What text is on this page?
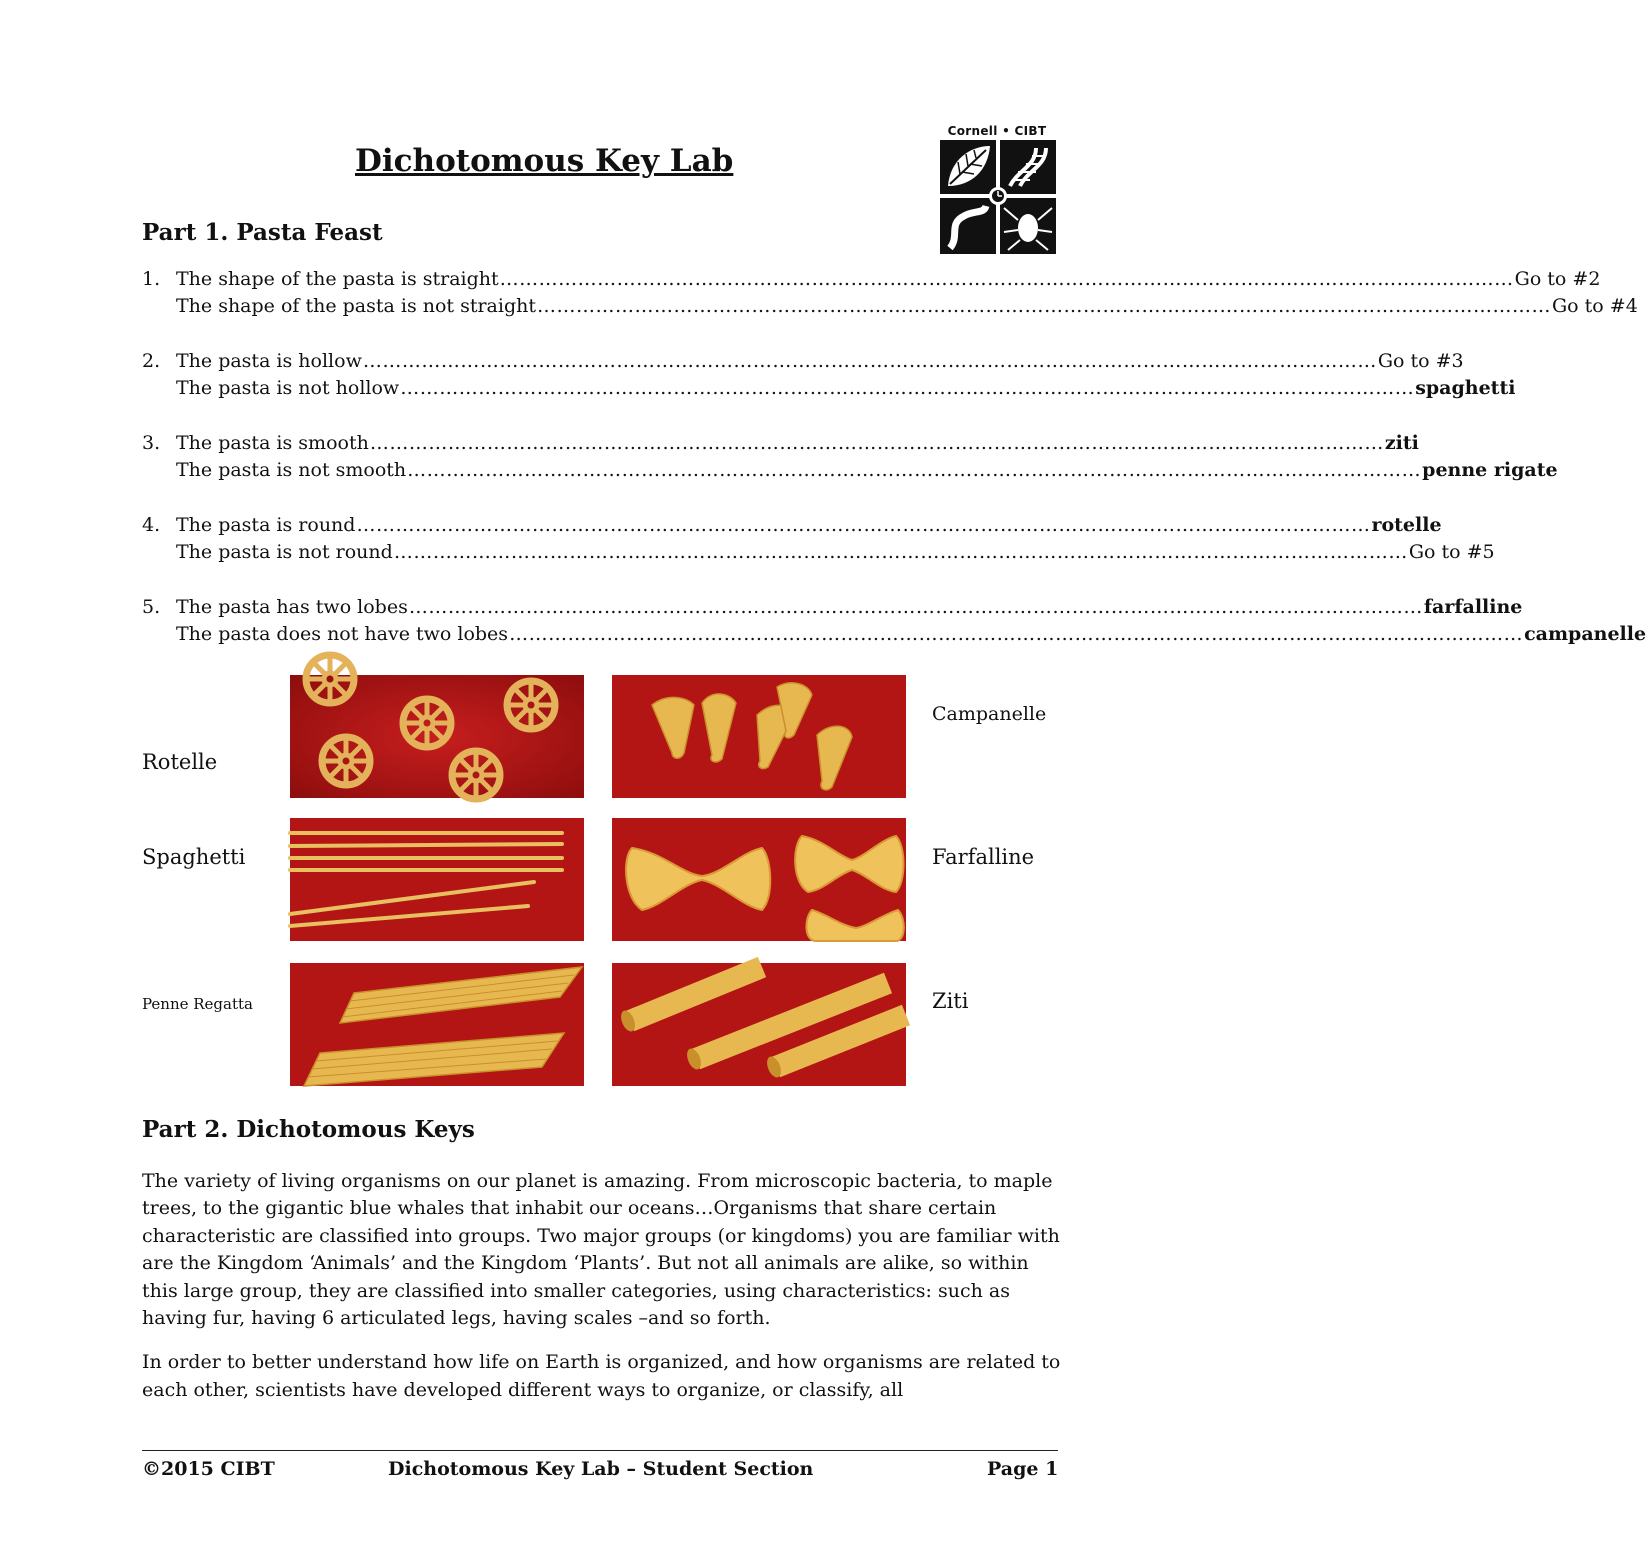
Dichotomous Key Lab
Cornell • CIBT
Part 1. Pasta Feast
1. The shape of the pasta is straight ………………………………………………………………………………………………………………………………………… Go to #2
The shape of the pasta is not straight ………………………………………………………………………………………………………………………………………… Go to #4
2. The pasta is hollow ………………………………………………………………………………………………………………………………………… Go to #3
The pasta is not hollow ………………………………………………………………………………………………………………………………………… spaghetti
3. The pasta is smooth ………………………………………………………………………………………………………………………………………… ziti
The pasta is not smooth ………………………………………………………………………………………………………………………………………… penne rigate
4. The pasta is round ………………………………………………………………………………………………………………………………………… rotelle
The pasta is not round ………………………………………………………………………………………………………………………………………… Go to #5
5. The pasta has two lobes ………………………………………………………………………………………………………………………………………… farfalline
The pasta does not have two lobes ………………………………………………………………………………………………………………………………………… campanelle
Rotelle
Campanelle
Spaghetti	Farfalline
Penne Regatta	Ziti
Part 2. Dichotomous Keys

The variety of living organisms on our planet is amazing. From microscopic bacteria, to maple trees, to the gigantic blue whales that inhabit our oceans…Organisms that share certain characteristic are classified into groups. Two major groups (or kingdoms) you are familiar with are the Kingdom ‘Animals’ and the Kingdom ‘Plants’. But not all animals are alike, so within this large group, they are classified into smaller categories, using characteristics: such as having fur, having 6 articulated legs, having scales –and so forth.

In order to better understand how life on Earth is organized, and how organisms are related to each other, scientists have developed different ways to organize, or classify, all

©2015 CIBT	Dichotomous Key Lab – Student Section	Page 1
